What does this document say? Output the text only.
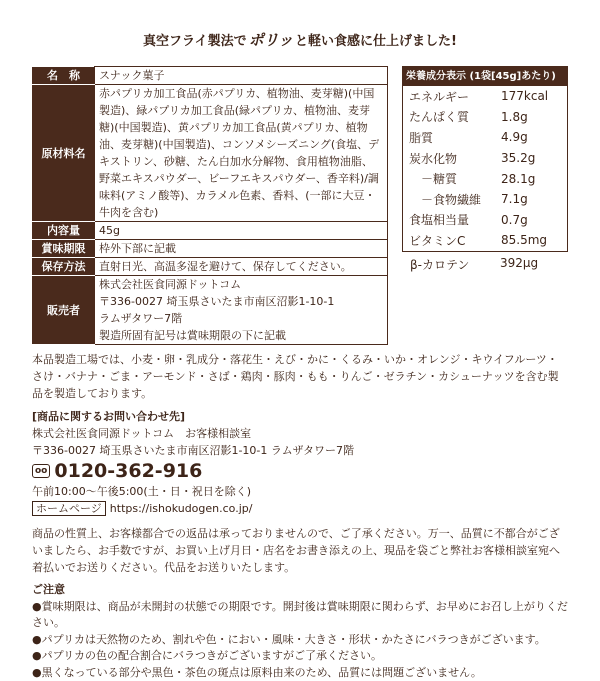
真空フライ製法で ポリッ と軽い食感に仕上げました!
名　称	スナック菓子
原材料名	赤パプリカ加工食品(赤パプリカ、植物油、麦芽糖)(中国製造)、緑パプリカ加工食品(緑パプリカ、植物油、麦芽糖)(中国製造)、黄パプリカ加工食品(黄パプリカ、植物油、麦芽糖)(中国製造)、コンソメシーズニング(食塩、デキストリン、砂糖、たん白加水分解物、食用植物油脂、野菜エキスパウダー、ビーフエキスパウダー、香辛料)/調味料(アミノ酸等)、カラメル色素、香料、(一部に大豆・牛肉を含む)
内容量	45g
賞味期限	枠外下部に記載
保存方法	直射日光、高温多湿を避けて、保存してください。
販売者	株式会社医食同源ドットコム
〒336-0027 埼玉県さいたま市南区沼影1-10-1
ラムザタワー7階
製造所固有記号は賞味期限の下に記載
栄養成分表示 (1袋[45g]あたり)
エネルギー	177kcal
たんぱく質	1.8g
脂質	4.9g
炭水化物	35.2g
－糖質	28.1g
－食物繊維	7.1g
食塩相当量	0.7g
ビタミンC	85.5mg
β-カロテン	392μg
本品製造工場では、小麦・卵・乳成分・落花生・えび・かに・くるみ・いか・オレンジ・キウイフルーツ・さけ・バナナ・ごま・アーモンド・さば・鶏肉・豚肉・もも・りんご・ゼラチン・カシューナッツを含む製品を製造しております。
[商品に関するお問い合わせ先]
株式会社医食同源ドットコム　お客様相談室
〒336-0027 埼玉県さいたま市南区沼影1-10-1 ラムザタワー7階
oo 0120-362-916
午前10:00～午後5:00(土・日・祝日を除く)
ホームページ https://ishokudogen.co.jp/
商品の性質上、お客様都合での返品は承っておりませんので、ご了承ください。万一、品質に不都合がございましたら、お手数ですが、お買い上げ月日・店名をお書き添えの上、現品を袋ごと弊社お客様相談室宛へ着払いでお送りください。代品をお送りいたします。
ご注意
●賞味期限は、商品が未開封の状態での期限です。開封後は賞味期限に関わらず、お早めにお召し上がりください。
●パプリカは天然物のため、割れや色・におい・風味・大きさ・形状・かたさにバラつきがございます。
●パプリカの色の配合割合にバラつきがございますがご了承ください。
●黒くなっている部分や黒色・茶色の斑点は原料由来のため、品質には問題ございません。
